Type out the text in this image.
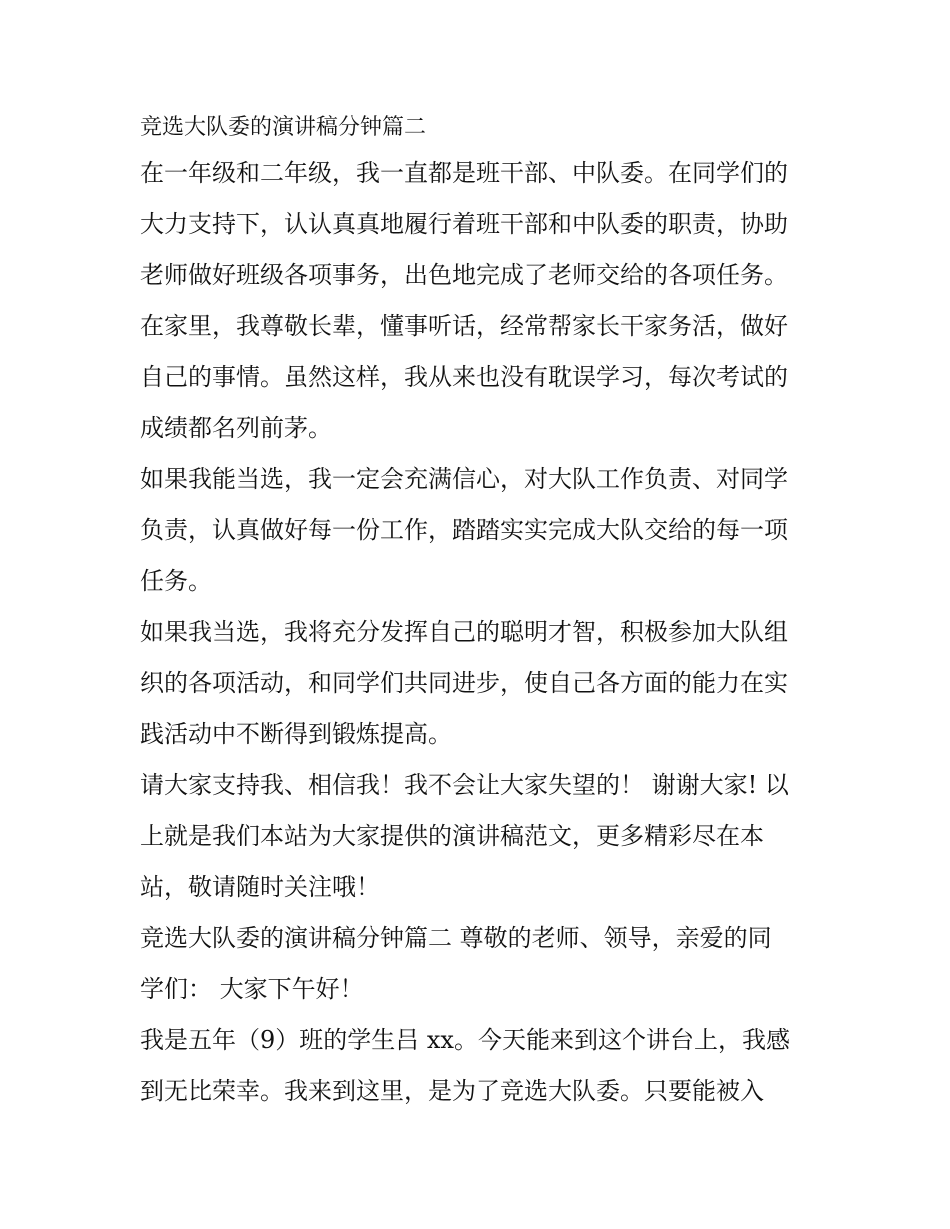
竞选大队委的演讲稿分钟篇二

在一年级和二年级，我一直都是班干部、中队委。在同学们的
大力支持下，认认真真地履行着班干部和中队委的职责，协助
老师做好班级各项事务，出色地完成了老师交给的各项任务。
在家里，我尊敬长辈，懂事听话，经常帮家长干家务活，做好
自己的事情。虽然这样，我从来也没有耽误学习，每次考试的
成绩都名列前茅。
如果我能当选，我一定会充满信心，对大队工作负责、对同学
负责，认真做好每一份工作，踏踏实实完成大队交给的每一项
任务。
如果我当选，我将充分发挥自己的聪明才智，积极参加大队组
织的各项活动，和同学们共同进步，使自己各方面的能力在实
践活动中不断得到锻炼提高。
请大家支持我、相信我！我不会让大家失望的！ 谢谢大家! 以
上就是我们本站为大家提供的演讲稿范文，更多精彩尽在本
站，敬请随时关注哦！
竞选大队委的演讲稿分钟篇二 尊敬的老师、领导，亲爱的同
学们： 大家下午好！
我是五年（9）班的学生吕 xx。今天能来到这个讲台上，我感
到无比荣幸。我来到这里，是为了竞选大队委。只要能被入
